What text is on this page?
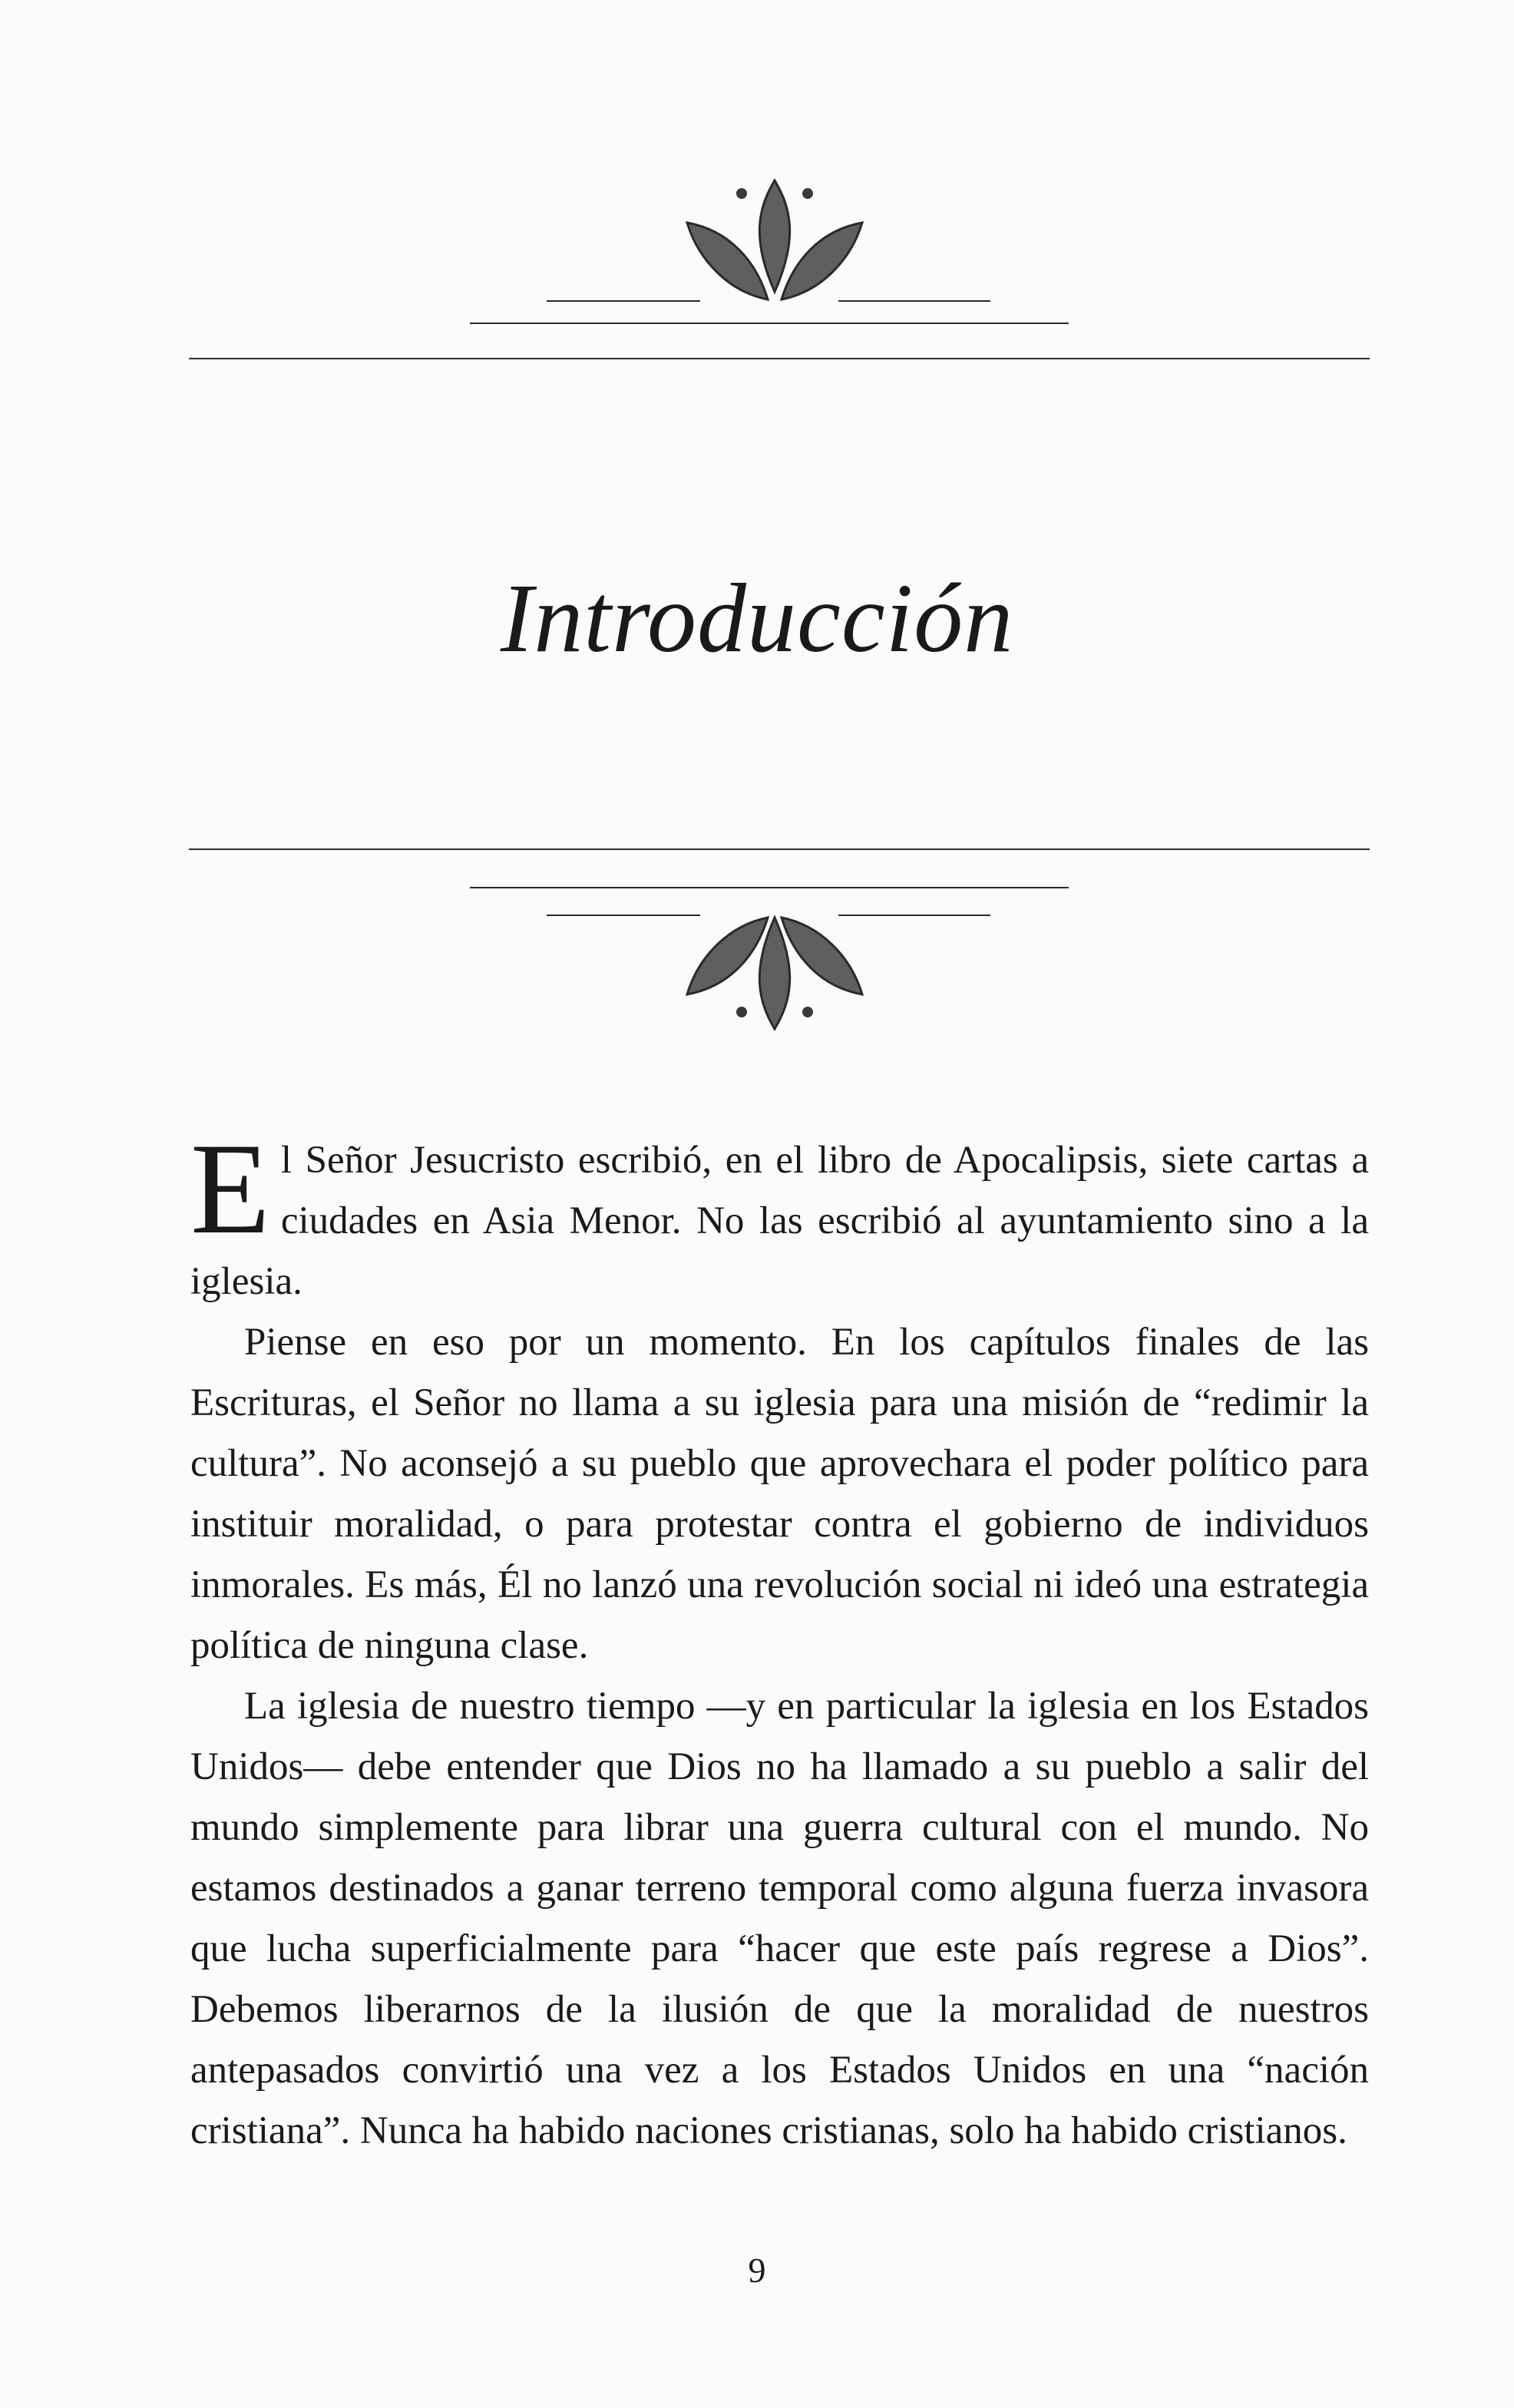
Introducción

El Señor Jesucristo escribió, en el libro de Apocalipsis, siete cartas a ciudades en Asia Menor. No las escribió al ayuntamiento sino a la iglesia.

Piense en eso por un momento. En los capítulos finales de las Escrituras, el Señor no llama a su iglesia para una misión de “redimir la cultura”. No aconsejó a su pueblo que aprovechara el poder político para instituir moralidad, o para protestar contra el gobierno de individuos inmorales. Es más, Él no lanzó una revolución social ni ideó una estrategia política de ninguna clase.

La iglesia de nuestro tiempo —y en particular la iglesia en los Estados Unidos— debe entender que Dios no ha llamado a su pueblo a salir del mundo simplemente para librar una guerra cultural con el mundo. No estamos destinados a ganar terreno temporal como alguna fuerza invasora que lucha superficialmente para “hacer que este país regrese a Dios”. Debemos liberarnos de la ilusión de que la moralidad de nuestros antepasados convirtió una vez a los Estados Unidos en una “nación cristiana”. Nunca ha habido naciones cristianas, solo ha habido cristianos.

9
